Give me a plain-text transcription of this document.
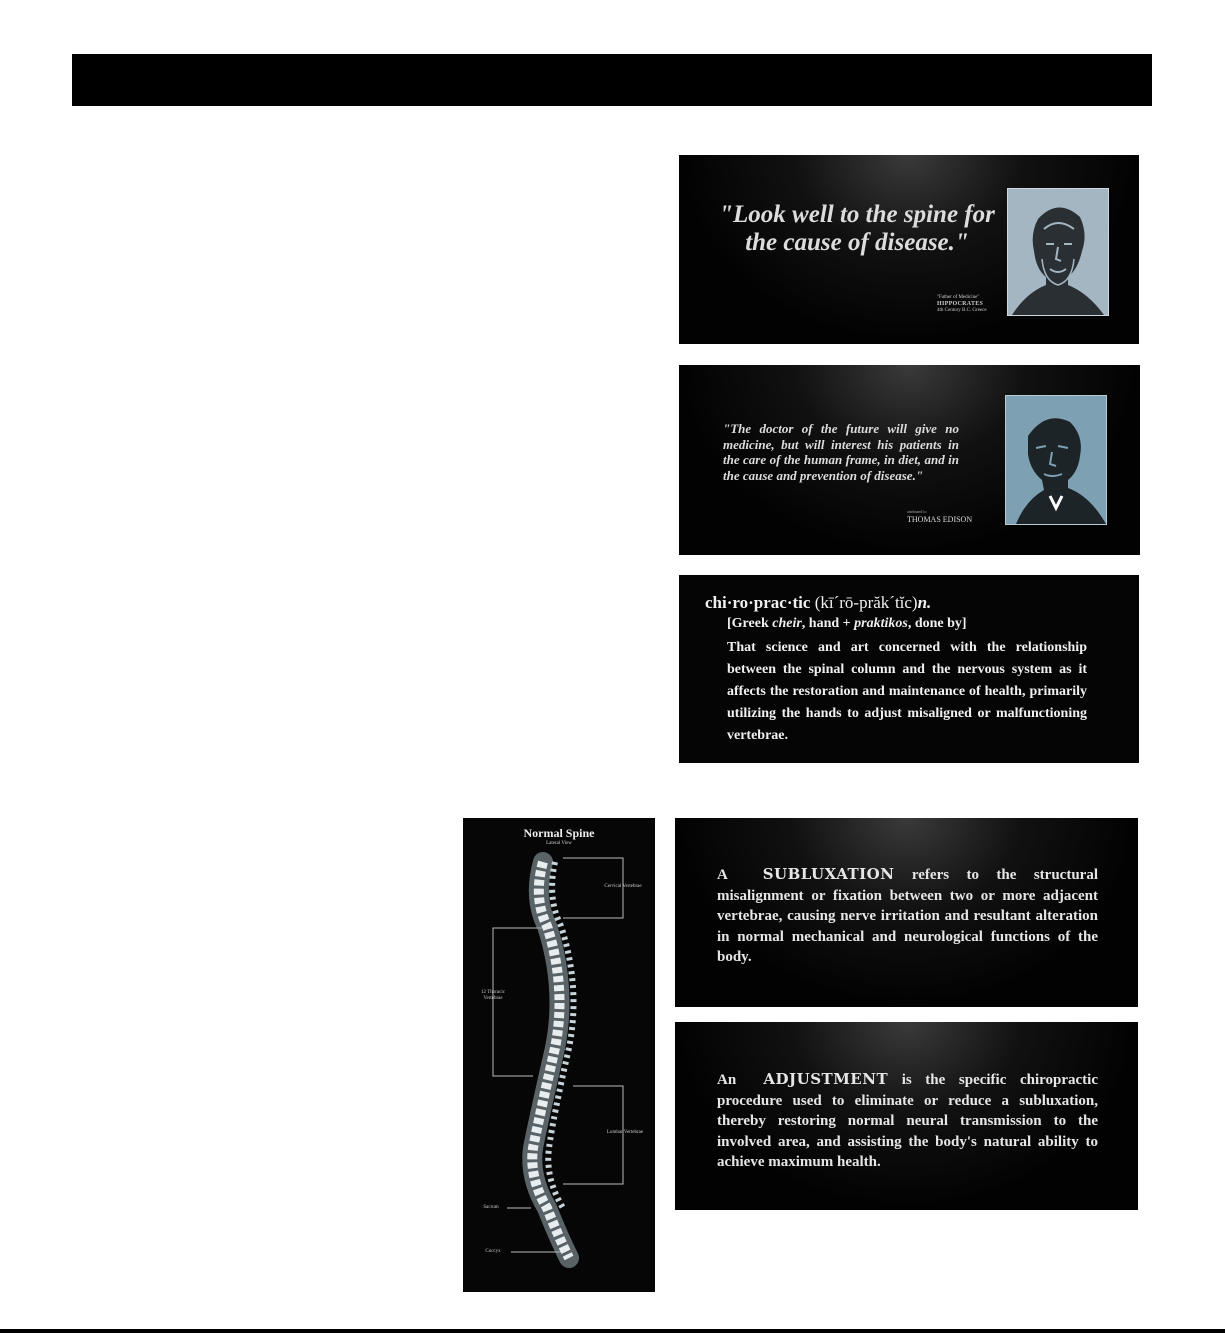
"Look well to the spine for the cause of disease."
"Father of Medicine"
HIPPOCRATES
4th Century B.C. Greece
"The doctor of the future will give no medicine, but will interest his patients in the care of the human frame, in diet, and in the cause and prevention of disease."
attributed to
THOMAS EDISON
chi·ro·prac·tic (kī´rō-prăk´tĭc)n.
[Greek cheir, hand + praktikos, done by]
That science and art concerned with the relationship between the spinal column and the nervous system as it affects the restoration and maintenance of health, primarily utilizing the hands to adjust misaligned or malfunctioning vertebrae.
Normal Spine
Lateral View
Cervical Vertebrae
12 Thoracic Vertebrae
Lumbar Vertebrae
Sacrum
Coccyx
A SUBLUXATION refers to the structural misalignment or fixation between two or more adjacent vertebrae, causing nerve irritation and resultant alteration in normal mechanical and neurological functions of the body.
An ADJUSTMENT is the specific chiropractic procedure used to eliminate or reduce a subluxation, thereby restoring normal neural transmission to the involved area, and assisting the body's natural ability to achieve maximum health.
